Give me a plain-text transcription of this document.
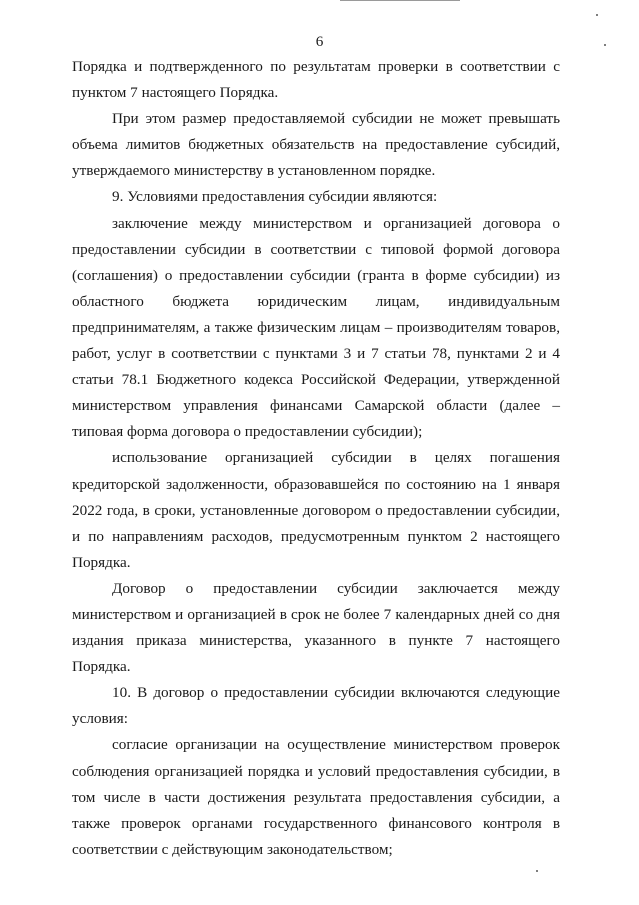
6

Порядка и подтвержденного по результатам проверки в соответствии с пунктом 7 настоящего Порядка.

При этом размер предоставляемой субсидии не может превышать объема лимитов бюджетных обязательств на предоставление субсидий, утверждаемого министерству в установленном порядке.

9. Условиями предоставления субсидии являются:

заключение между министерством и организацией договора о предоставлении субсидии в соответствии с типовой формой договора (соглашения) о предоставлении субсидии (гранта в форме субсидии) из областного бюджета юридическим лицам, индивидуальным предпринимателям, а также физическим лицам – производителям товаров, работ, услуг в соответствии с пунктами 3 и 7 статьи 78, пунктами 2 и 4 статьи 78.1 Бюджетного кодекса Российской Федерации, утвержденной министерством управления финансами Самарской области (далее – типовая форма договора о предоставлении субсидии);

использование организацией субсидии в целях погашения кредиторской задолженности, образовавшейся по состоянию на 1 января 2022 года, в сроки, установленные договором о предоставлении субсидии, и по направлениям расходов, предусмотренным пунктом 2 настоящего Порядка.

Договор о предоставлении субсидии заключается между министерством и организацией в срок не более 7 календарных дней со дня издания приказа министерства, указанного в пункте 7 настоящего Порядка.

10. В договор о предоставлении субсидии включаются следующие условия:

согласие организации на осуществление министерством проверок соблюдения организацией порядка и условий предоставления субсидии, в том числе в части достижения результата предоставления субсидии, а также проверок органами государственного финансового контроля в соответствии с действующим законодательством;
